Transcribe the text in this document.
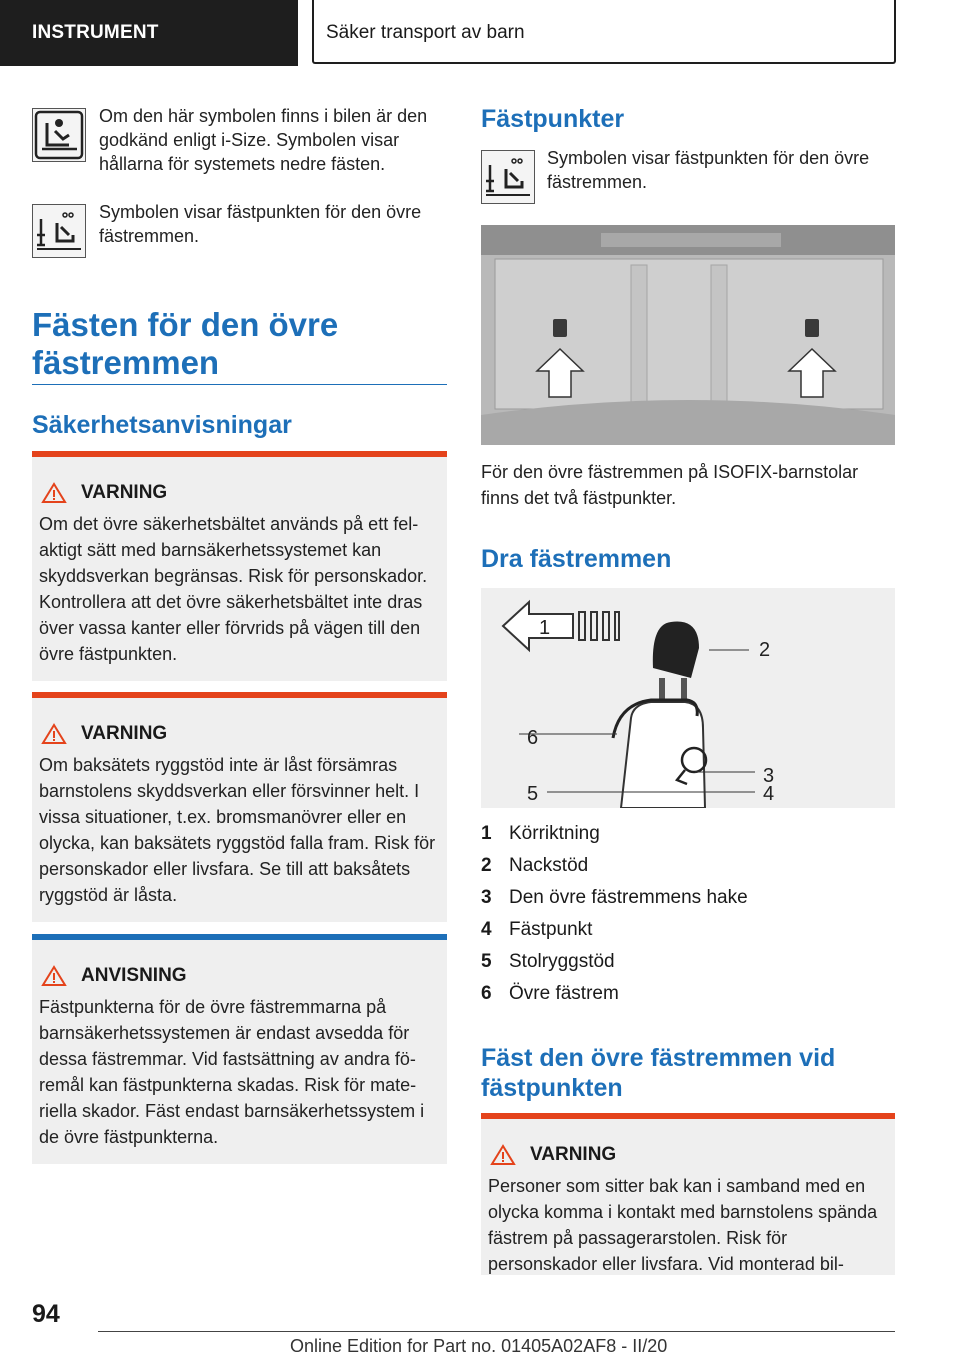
INSTRUMENT	Säker transport av barn
Om den här symbolen finns i bilen är den godkänd enligt i-Size. Symbolen visar hållarna för systemets nedre fästen.
Symbolen visar fästpunkten för den övre fästremmen.
Fästen för den övre fästremmen
Säkerhetsanvisningar
VARNING
Om det övre säkerhetsbältet används på ett felaktigt sätt med barnsäkerhetssystemet kan skyddsverkan begränsas. Risk för personskador. Kontrollera att det övre säkerhetsbältet inte dras över vassa kanter eller förvrids på vägen till den övre fästpunkten.
VARNING
Om baksätets ryggstöd inte är låst försämras barnstolens skyddsverkan eller försvinner helt. I vissa situationer, t.ex. bromsmanövrer eller en olycka, kan baksätets ryggstöd falla fram. Risk för personskador eller livsfara. Se till att baksåtets ryggstöd är låsta.
ANVISNING
Fästpunkterna för de övre fästremmarna på barnsäkerhetssystemen är endast avsedda för dessa fästremmar. Vid fastsättning av andra föremål kan fästpunkterna skadas. Risk för materiella skador. Fäst endast barnsäkerhetssystem i de övre fästpunkterna.
Fästpunkter
Symbolen visar fästpunkten för den övre fästremmen.
För den övre fästremmen på ISOFIX-barnstolar finns det två fästpunkter.
Dra fästremmen
1
2
6
3
5	4
1 Körriktning
2 Nackstöd
3 Den övre fästremmens hake
4 Fästpunkt
5 Stolryggstöd
6 Övre fästrem
Fäst den övre fästremmen vid fästpunkten
VARNING
Personer som sitter bak kan i samband med en olycka komma i kontakt med barnstolens spända fästrem på passagerarstolen. Risk för personskador eller livsfara. Vid monterad bil-
94
Online Edition for Part no. 01405A02AF8 - II/20
